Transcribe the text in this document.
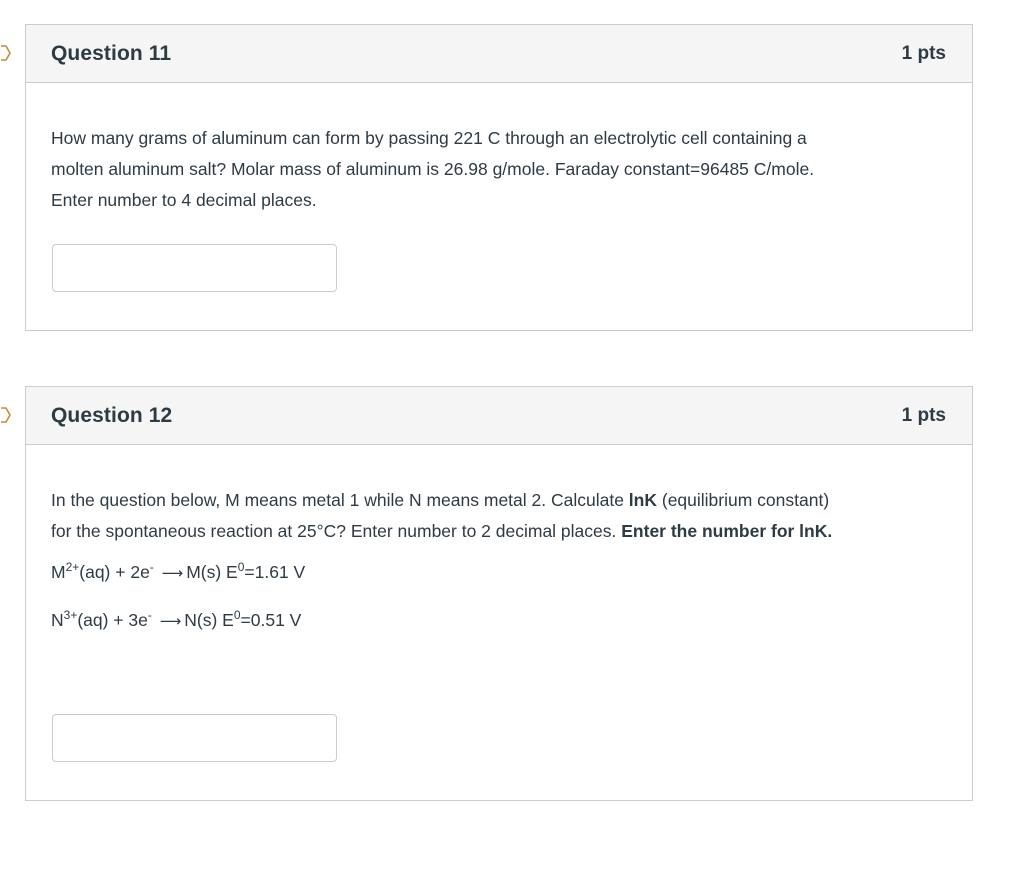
Question 11	1 pts

How many grams of aluminum can form by passing 221 C through an electrolytic cell containing a
molten aluminum salt? Molar mass of aluminum is 26.98 g/mole. Faraday constant=96485 C/mole.
Enter number to 4 decimal places.

Question 12	1 pts

In the question below, M means metal 1 while N means metal 2. Calculate lnK (equilibrium constant)
for the spontaneous reaction at 25°C? Enter number to 2 decimal places. Enter the number for lnK.

$M^{2+}(aq) + 2e^-$ ⟶ M(s) $E^0=1.61$ V

$N^{3+}(aq) + 3e^-$ ⟶ N(s) $E^0=0.51$ V
